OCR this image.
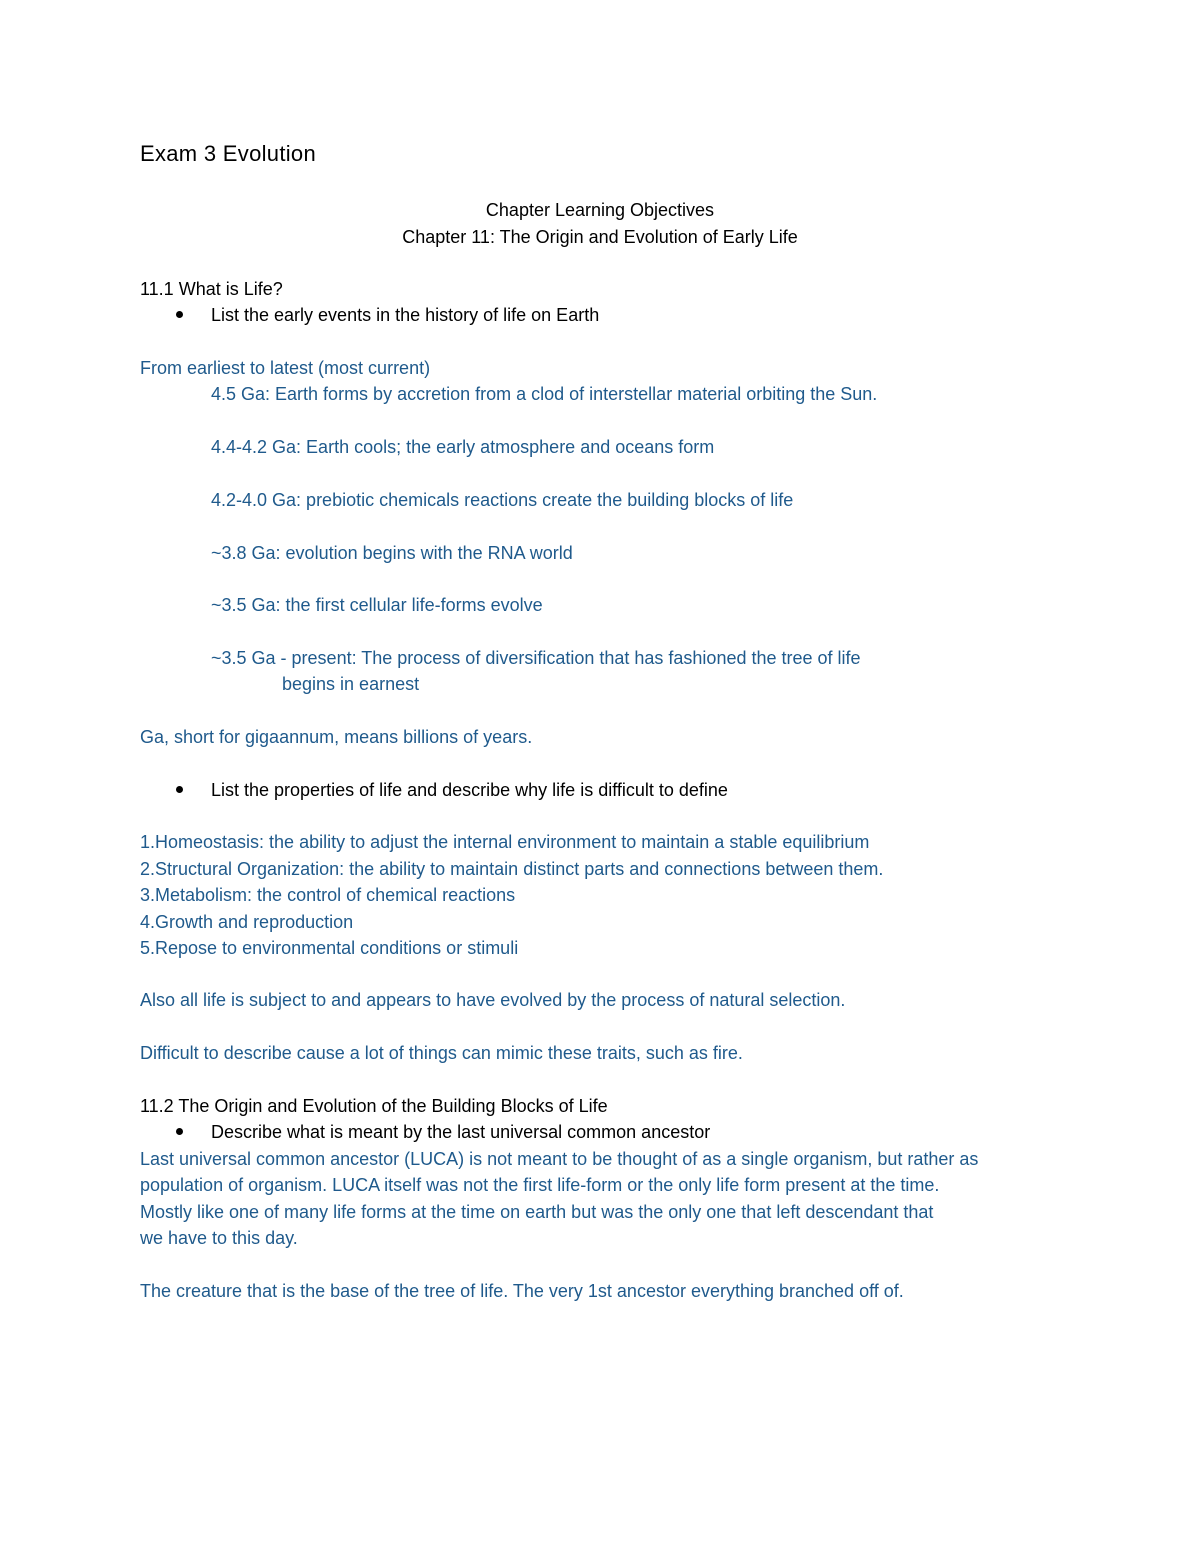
Exam 3 Evolution
Chapter Learning Objectives
Chapter 11: The Origin and Evolution of Early Life
11.1 What is Life?
List the early events in the history of life on Earth
From earliest to latest (most current)
4.5 Ga: Earth forms by accretion from a clod of interstellar material orbiting the Sun.
4.4-4.2 Ga: Earth cools; the early atmosphere and oceans form
4.2-4.0 Ga: prebiotic chemicals reactions create the building blocks of life
~3.8 Ga: evolution begins with the RNA world
~3.5 Ga: the first cellular life-forms evolve
~3.5 Ga - present: The process of diversification that has fashioned the tree of life
begins in earnest
Ga, short for gigaannum, means billions of years.
List the properties of life and describe why life is difficult to define
1.Homeostasis: the ability to adjust the internal environment to maintain a stable equilibrium
2.Structural Organization: the ability to maintain distinct parts and connections between them.
3.Metabolism: the control of chemical reactions
4.Growth and reproduction
5.Repose to environmental conditions or stimuli
Also all life is subject to and appears to have evolved by the process of natural selection.
Difficult to describe cause a lot of things can mimic these traits, such as fire.
11.2 The Origin and Evolution of the Building Blocks of Life
Describe what is meant by the last universal common ancestor
Last universal common ancestor (LUCA) is not meant to be thought of as a single organism, but rather as
population of organism. LUCA itself was not the first life-form or the only life form present at the time.
Mostly like one of many life forms at the time on earth but was the only one that left descendant that
we have to this day.
The creature that is the base of the tree of life. The very 1st ancestor everything branched off of.
